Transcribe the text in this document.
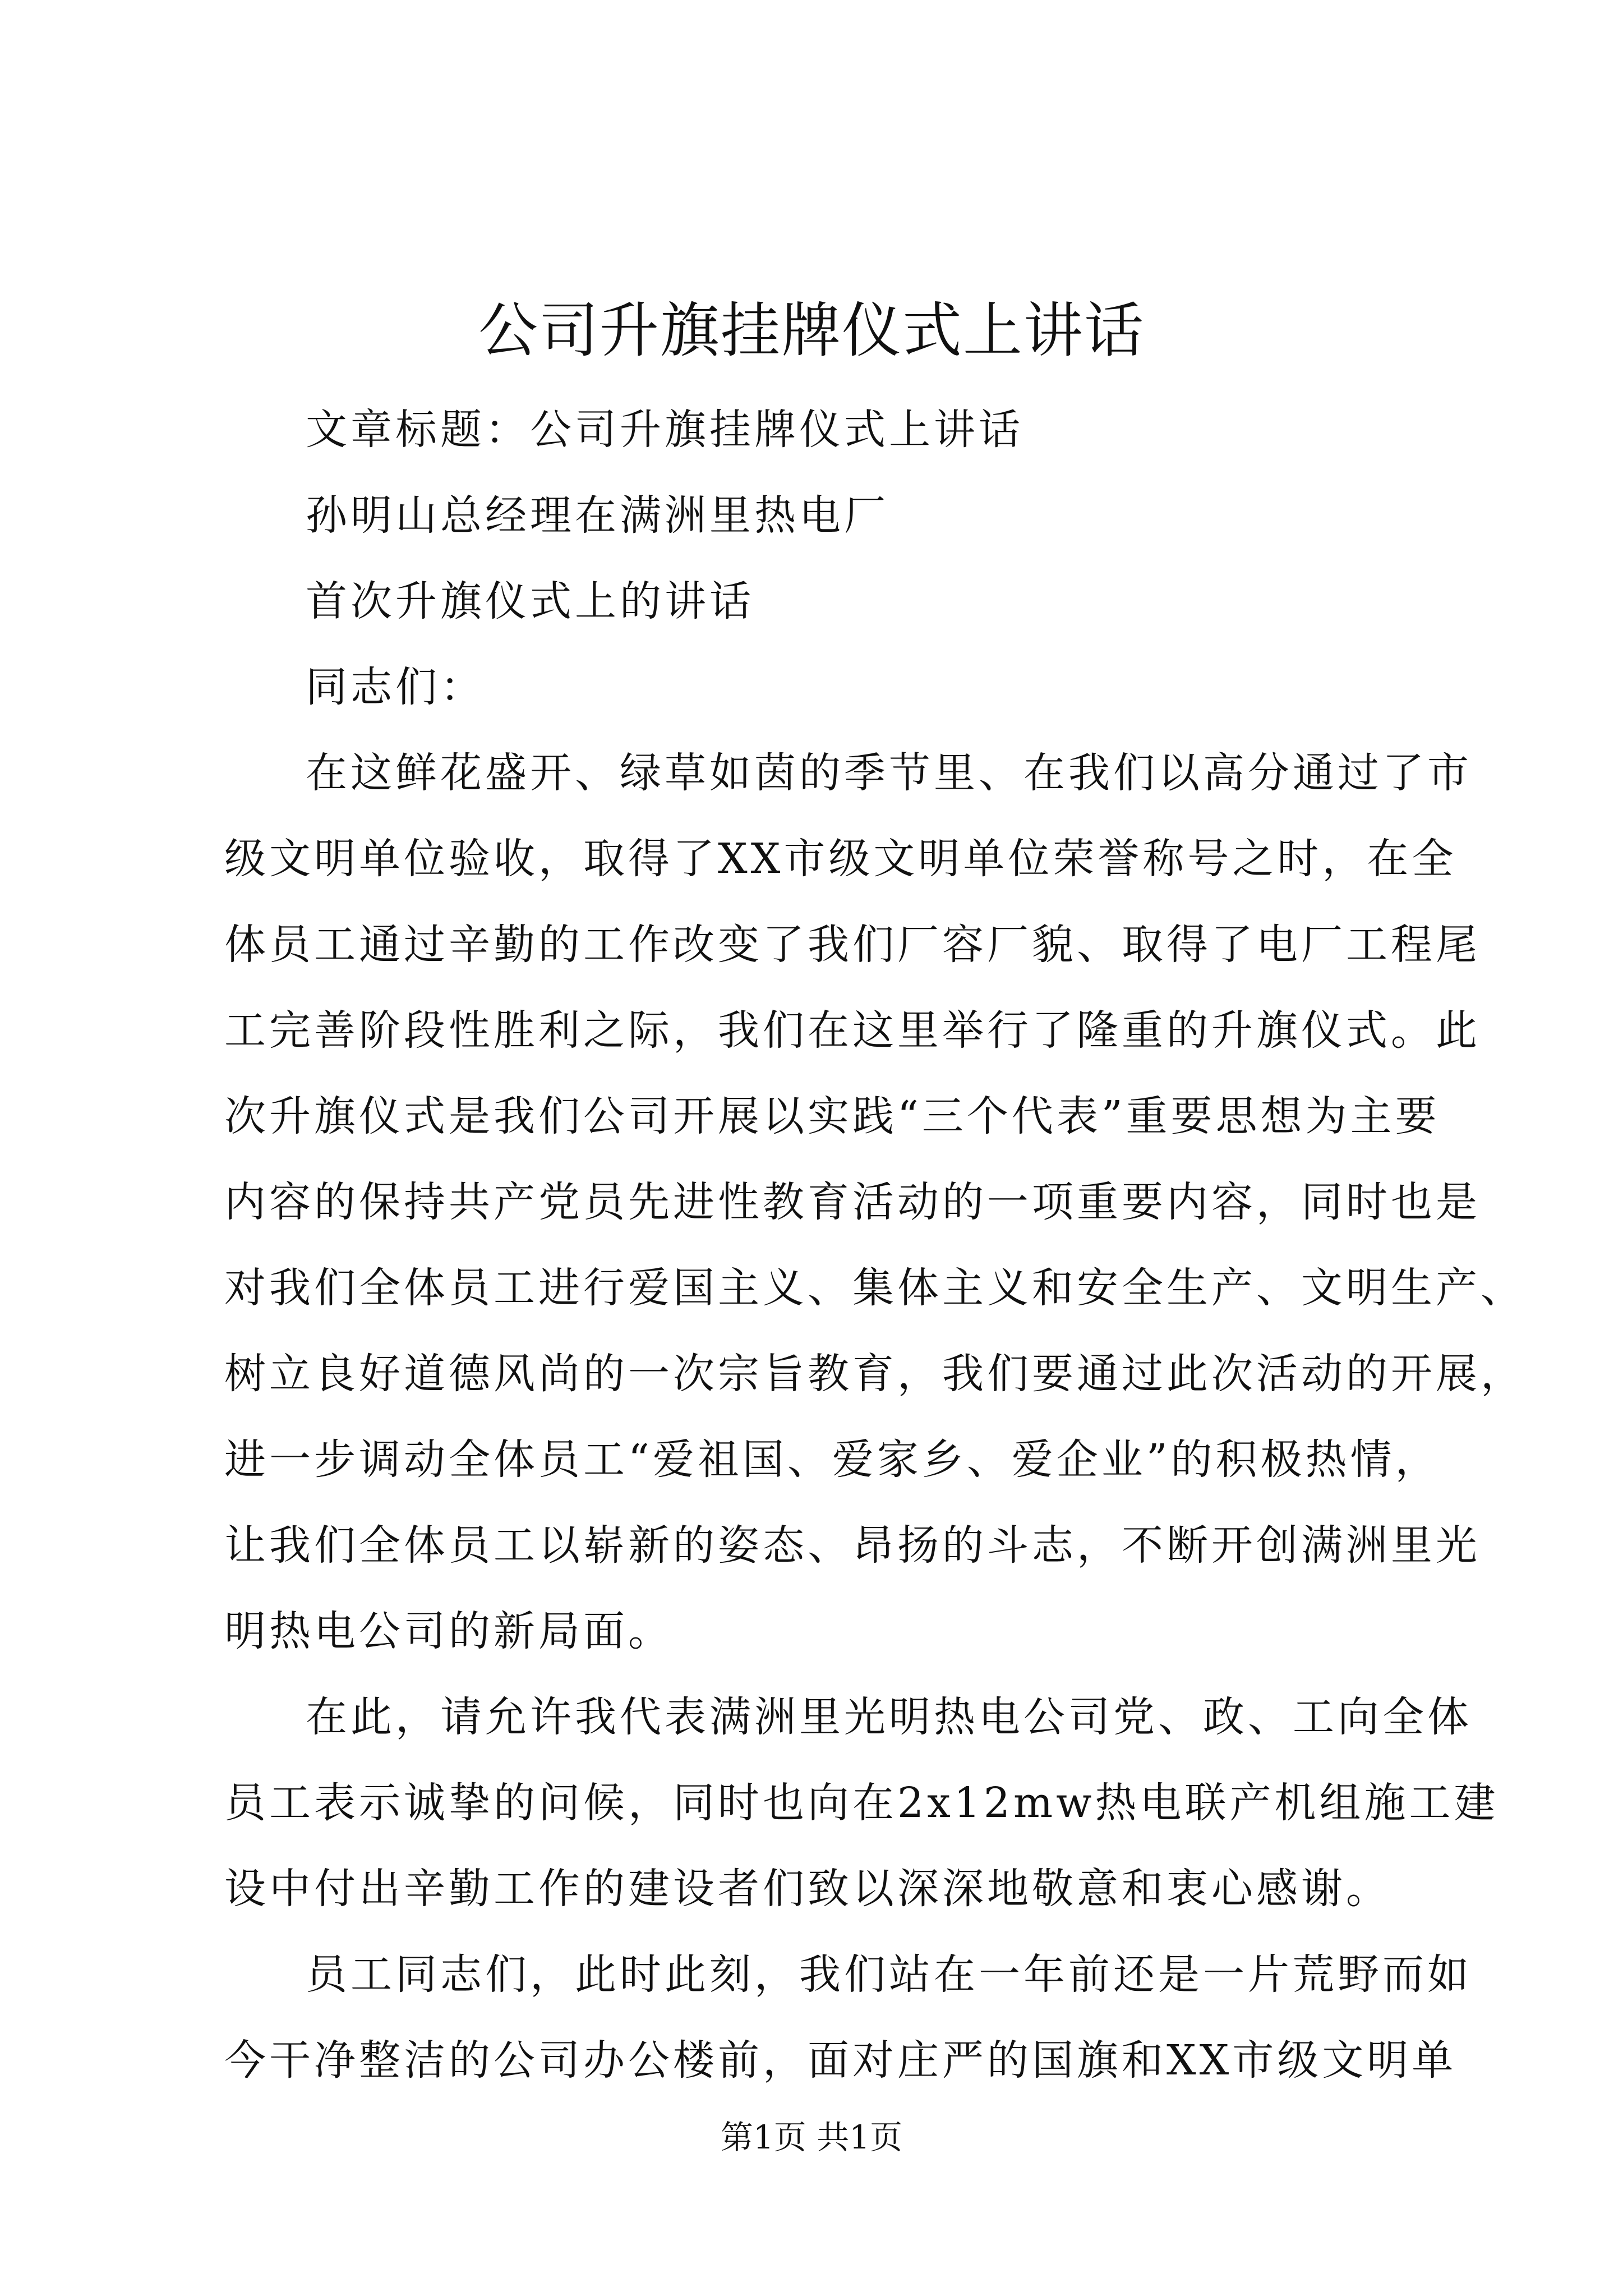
公司升旗挂牌仪式上讲话
文章标题：公司升旗挂牌仪式上讲话
孙明山总经理在满洲里热电厂
首次升旗仪式上的讲话
同志们：
在这鲜花盛开、绿草如茵的季节里、在我们以高分通过了市
级文明单位验收，取得了XX市级文明单位荣誉称号之时，在全
体员工通过辛勤的工作改变了我们厂容厂貌、取得了电厂工程尾
工完善阶段性胜利之际，我们在这里举行了隆重的升旗仪式。此
次升旗仪式是我们公司开展以实践“三个代表”重要思想为主要
内容的保持共产党员先进性教育活动的一项重要内容，同时也是
对我们全体员工进行爱国主义、集体主义和安全生产、文明生产、
树立良好道德风尚的一次宗旨教育，我们要通过此次活动的开展，
进一步调动全体员工“爱祖国、爱家乡、爱企业”的积极热情，
让我们全体员工以崭新的姿态、昂扬的斗志，不断开创满洲里光
明热电公司的新局面。
在此，请允许我代表满洲里光明热电公司党、政、工向全体
员工表示诚挚的问候，同时也向在2x12mw热电联产机组施工建
设中付出辛勤工作的建设者们致以深深地敬意和衷心感谢。
员工同志们，此时此刻，我们站在一年前还是一片荒野而如
今干净整洁的公司办公楼前，面对庄严的国旗和XX市级文明单
第1页 共1页
